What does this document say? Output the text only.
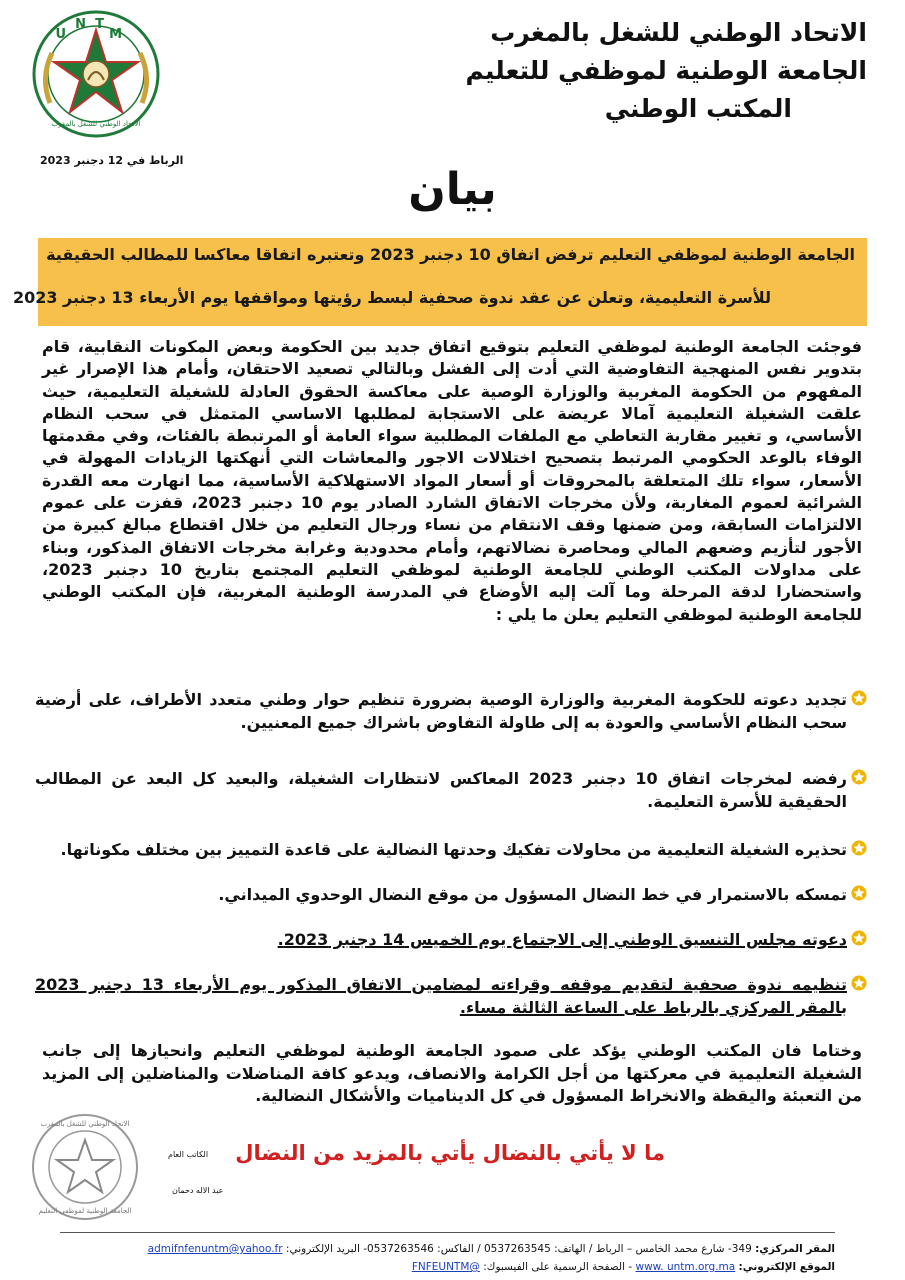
U
N T
M
الاتحاد الوطني للشغل بالمغرب
الاتحاد الوطني للشغل بالمغرب
الجامعة الوطنية لموظفي للتعليم
المكتب الوطني
الرباط في 12 دجنبر 2023
بيان
الجامعة الوطنية لموظفي التعليم ترفض اتفاق 10 دجنبر 2023 وتعتبره اتفاقا معاكسا للمطالب الحقيقية
للأسرة التعليمية، وتعلن عن عقد ندوة صحفية لبسط رؤيتها ومواقفها يوم الأربعاء 13 دجنبر 2023
فوجئت الجامعة الوطنية لموظفي التعليم بتوقيع اتفاق جديد بين الحكومة وبعض المكونات النقابية، قام بتدوير نفس المنهجية التفاوضية التي أدت إلى الفشل وبالتالي تصعيد الاحتقان، وأمام هذا الإصرار غير المفهوم من الحكومة المغربية والوزارة الوصية على معاكسة الحقوق العادلة للشغيلة التعليمية، حيث علقت الشغيلة التعليمية آمالا عريضة على الاستجابة لمطلبها الاساسي المتمثل في سحب النظام الأساسي، و تغيير مقاربة التعاطي مع الملفات المطلبية سواء العامة أو المرتبطة بالفئات، وفي مقدمتها الوفاء بالوعد الحكومي المرتبط بتصحيح اختلالات الاجور والمعاشات التي أنهكتها الزيادات المهولة في الأسعار، سواء تلك المتعلقة بالمحروقات أو أسعار المواد الاستهلاكية الأساسية، مما انهارت معه القدرة الشرائية لعموم المغاربة، ولأن مخرجات الاتفاق الشارد الصادر يوم 10 دجنبر 2023، قفزت على عموم الالتزامات السابقة، ومن ضمنها وقف الانتقام من نساء ورجال التعليم من خلال اقتطاع مبالغ كبيرة من الأجور لتأزيم وضعهم المالي ومحاصرة نضالاتهم، وأمام محدودية وغرابة مخرجات الاتفاق المذكور، وبناء على مداولات المكتب الوطني للجامعة الوطنية لموظفي التعليم المجتمع بتاريخ 10 دجنبر 2023، واستحضارا لدقة المرحلة وما آلت إليه الأوضاع في المدرسة الوطنية المغربية، فإن المكتب الوطني للجامعة الوطنية لموظفي التعليم يعلن ما يلي :
تجديد دعوته للحكومة المغربية والوزارة الوصية بضرورة تنظيم حوار وطني متعدد الأطراف، على أرضية سحب النظام الأساسي والعودة به إلى طاولة التفاوض باشراك جميع المعنيين.
رفضه لمخرجات اتفاق 10 دجنبر 2023 المعاكس لانتظارات الشغيلة، والبعيد كل البعد عن المطالب الحقيقية للأسرة التعليمة.
تحذيره الشغيلة التعليمية من محاولات تفكيك وحدتها النضالية على قاعدة التمييز بين مختلف مكوناتها.
تمسكه بالاستمرار في خط النضال المسؤول من موقع النضال الوحدوي الميداني.
دعوته مجلس التنسيق الوطني إلى الاجتماع يوم الخميس 14 دجنبر 2023.
تنظيمه ندوة صحفية لتقديم موقفه وقراءته لمضامين الاتفاق المذكور يوم الأربعاء 13 دجنبر 2023 بالمقر المركزي بالرباط على الساعة الثالثة مساء.
وختاما فان المكتب الوطني يؤكد على صمود الجامعة الوطنية لموظفي التعليم وانحيازها إلى جانب الشغيلة التعليمية في معركتها من أجل الكرامة والانصاف، ويدعو كافة المناضلات والمناضلين إلى المزيد من التعبئة واليقظة والانخراط المسؤول في كل الديناميات والأشكال النضالية.
الاتحاد الوطني للشغل بالمغرب
الجامعة الوطنية لموظفي التعليم
ما لا يأتي بالنضال يأتي بالمزيد من النضال
الكاتب العام
عبد الاله دحمان
المقر المركزي: 349- شارع محمد الخامس – الرباط / الهاتف: 0537263545 / الفاكس: 0537263546- البريد الإلكتروني: admifnfenuntm@yahoo.fr
الموقع الإلكتروني: www. untm.org.ma - الصفحة الرسمية على الفيسبوك: @FNFEUNTM
